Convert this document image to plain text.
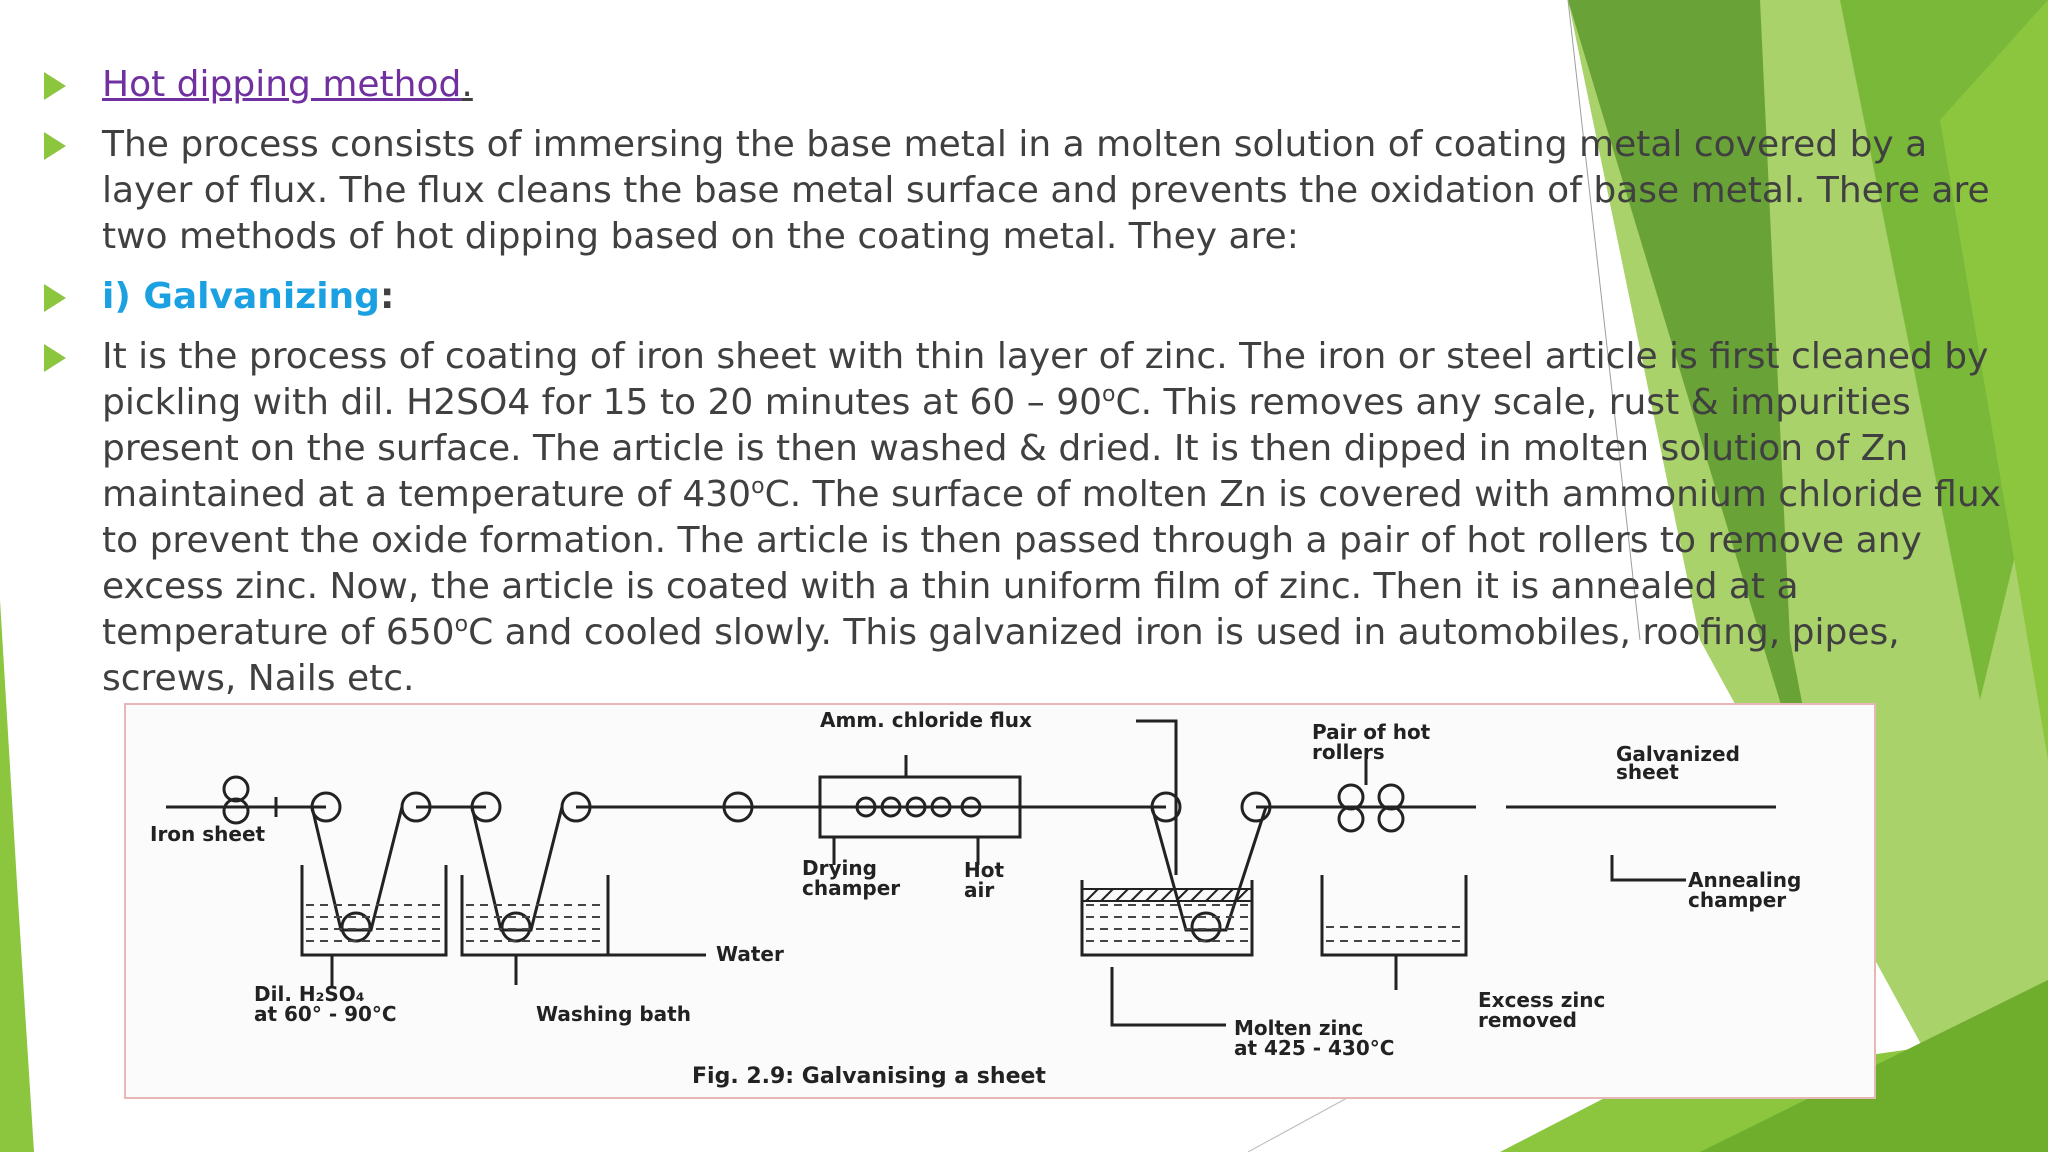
Hot dipping method.
The process consists of immersing the base metal in a molten solution of coating metal covered by a layer of flux. The flux cleans the base metal surface and prevents the oxidation of base metal. There are two methods of hot dipping based on the coating metal. They are:
i) Galvanizing:
It is the process of coating of iron sheet with thin layer of zinc. The iron or steel article is first cleaned by pickling with dil. H2SO4 for 15 to 20 minutes at 60 – 90$^o$C. This removes any scale, rust & impurities present on the surface. The article is then washed & dried. It is then dipped in molten solution of Zn maintained at a temperature of 430$^o$C. The surface of molten Zn is covered with ammonium chloride flux to prevent the oxide formation. The article is then passed through a pair of hot rollers to remove any excess zinc. Now, the article is coated with a thin uniform film of zinc. Then it is annealed at a temperature of 650$^o$C and cooled slowly. This galvanized iron is used in automobiles, roofing, pipes, screws, Nails etc.
Amm. chloride flux	Pair of hot
rollers	Galvanized
sheet
Iron sheet
Drying
champer
Hot
air	Annealing
champer
Water
Dil. H₂SO₄
at 60° - 90°C	Washing bath
Excess zinc
removed
Molten zinc
at 425 - 430°C
Fig. 2.9: Galvanising a sheet
